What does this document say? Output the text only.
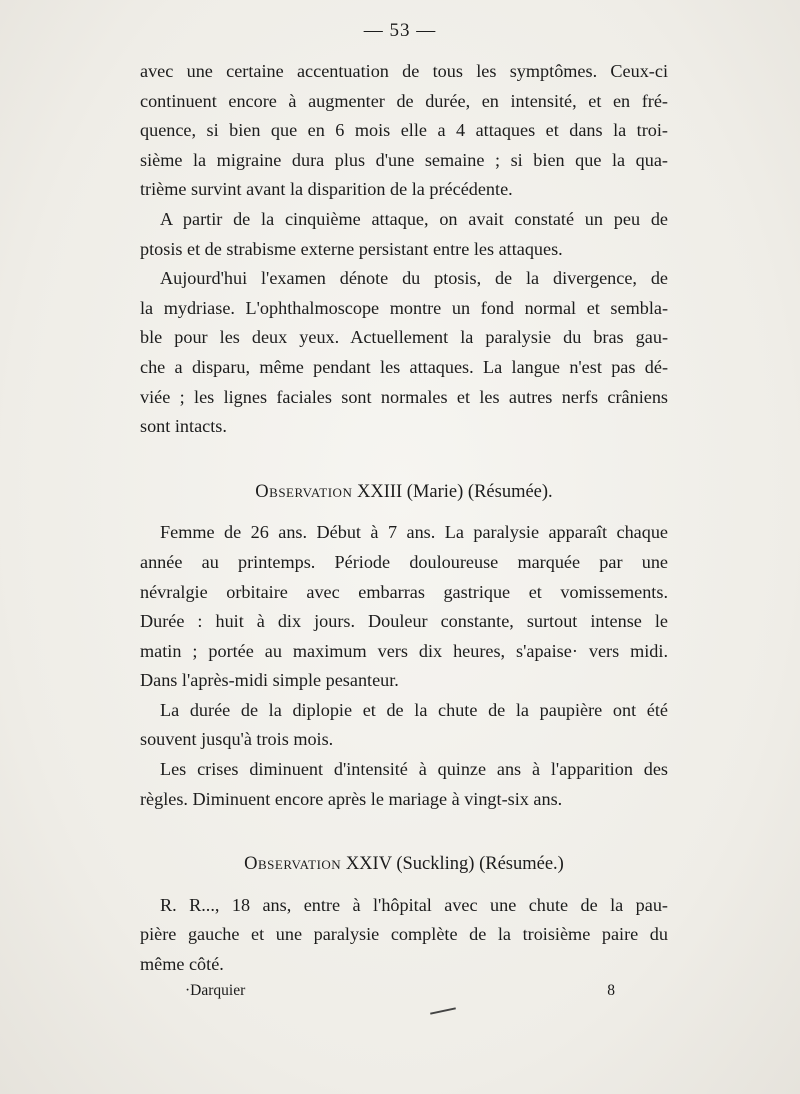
— 53 —
avec une certaine accentuation de tous les symptômes. Ceux-ci
continuent encore à augmenter de durée, en intensité, et en fré-
quence, si bien que en 6 mois elle a 4 attaques et dans la troi-
sième la migraine dura plus d'une semaine ; si bien que la qua-
trième survint avant la disparition de la précédente.
A partir de la cinquième attaque, on avait constaté un peu de
ptosis et de strabisme externe persistant entre les attaques.
Aujourd'hui l'examen dénote du ptosis, de la divergence, de
la mydriase. L'ophthalmoscope montre un fond normal et sembla-
ble pour les deux yeux. Actuellement la paralysie du bras gau-
che a disparu, même pendant les attaques. La langue n'est pas dé-
viée ; les lignes faciales sont normales et les autres nerfs crâniens
sont intacts.
Observation XXIII (Marie) (Résumée).
Femme de 26 ans. Début à 7 ans. La paralysie apparaît chaque
année au printemps. Période douloureuse marquée par une
névralgie orbitaire avec embarras gastrique et vomissements.
Durée : huit à dix jours. Douleur constante, surtout intense le
matin ; portée au maximum vers dix heures, s'apaise· vers midi.
Dans l'après-midi simple pesanteur.
La durée de la diplopie et de la chute de la paupière ont été
souvent jusqu'à trois mois.
Les crises diminuent d'intensité à quinze ans à l'apparition des
règles. Diminuent encore après le mariage à vingt-six ans.
Observation XXIV (Suckling) (Résumée.)
R. R..., 18 ans, entre à l'hôpital avec une chute de la pau-
pière gauche et une paralysie complète de la troisième paire du
même côté.
·Darquier	8
